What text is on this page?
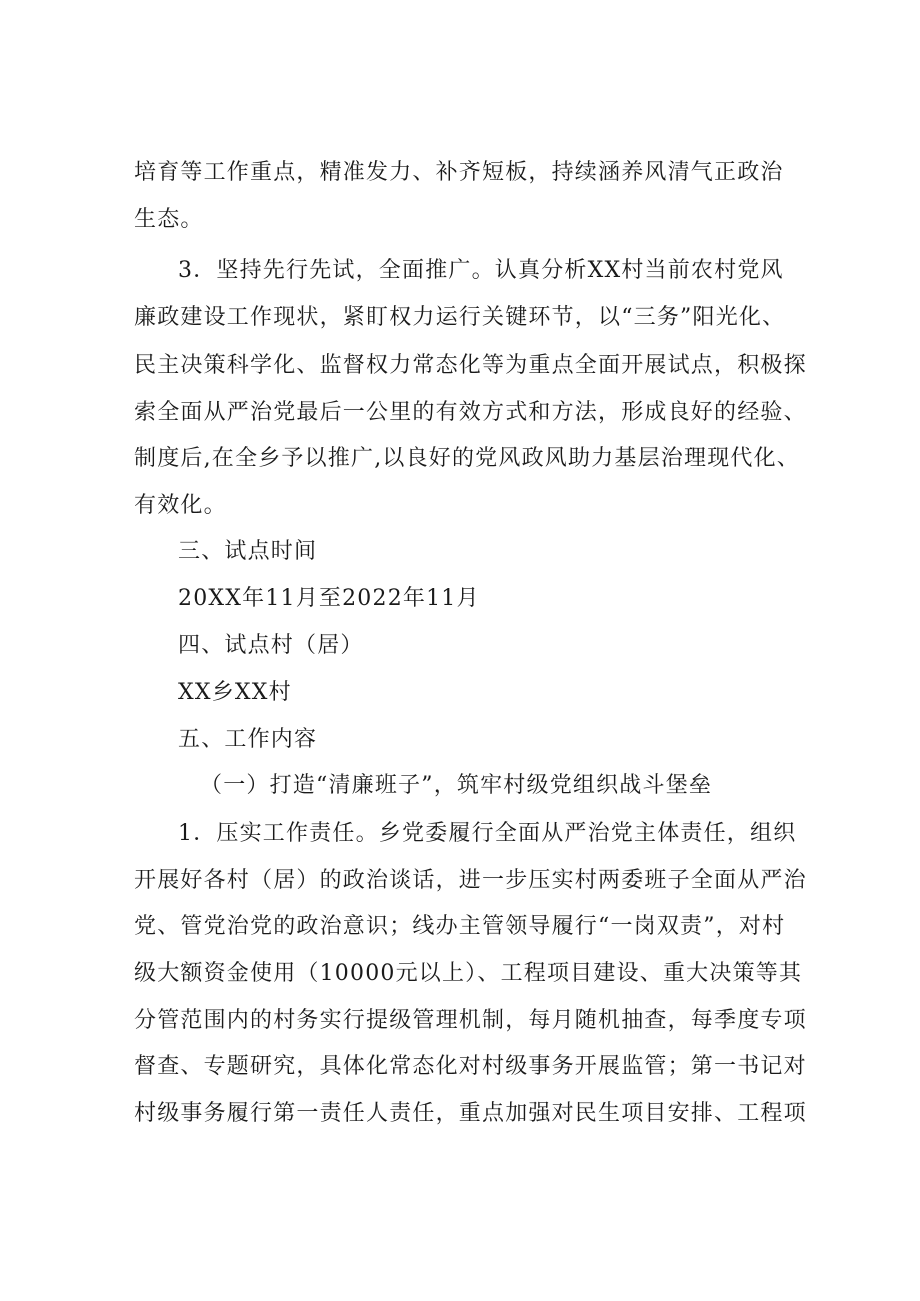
培育等工作重点，精准发力、补齐短板，持续涵养风清气正政治
生态。
3．坚持先行先试，全面推广。认真分析XX村当前农村党风
廉政建设工作现状，紧盯权力运行关键环节，以“三务”阳光化、
民主决策科学化、监督权力常态化等为重点全面开展试点，积极探
索全面从严治党最后一公里的有效方式和方法，形成良好的经验、
制度后,在全乡予以推广,以良好的党风政风助力基层治理现代化、
有效化。
三、试点时间
20XX年11月至2022年11月
四、试点村（居）
XX乡XX村
五、工作内容
（一）打造“清廉班子”，筑牢村级党组织战斗堡垒
1．压实工作责任。乡党委履行全面从严治党主体责任，组织
开展好各村（居）的政治谈话，进一步压实村两委班子全面从严治
党、管党治党的政治意识；线办主管领导履行“一岗双责”，对村
级大额资金使用（10000元以上）、工程项目建设、重大决策等其
分管范围内的村务实行提级管理机制，每月随机抽查，每季度专项
督查、专题研究，具体化常态化对村级事务开展监管；第一书记对
村级事务履行第一责任人责任，重点加强对民生项目安排、工程项
